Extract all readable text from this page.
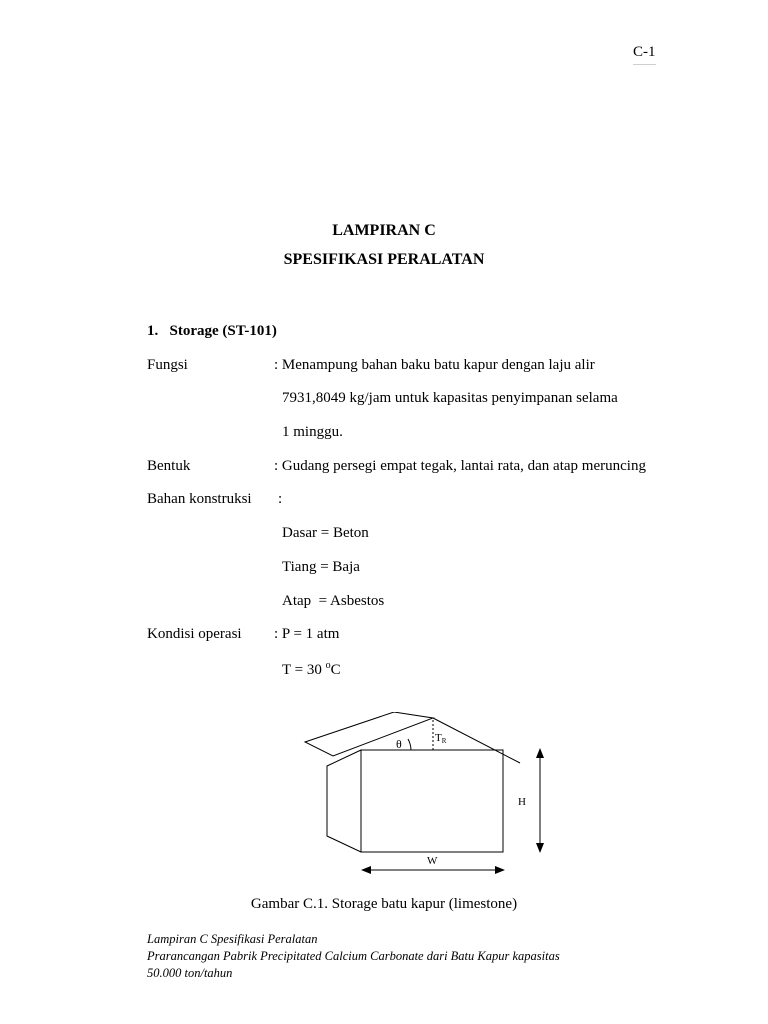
C-1
LAMPIRAN C
SPESIFIKASI PERALATAN
1. Storage (ST-101)
Fungsi	: Menampung bahan baku batu kapur dengan laju alir
7931,8049 kg/jam untuk kapasitas penyimpanan selama
1 minggu.
Bentuk	: Gudang persegi empat tegak, lantai rata, dan atap meruncing
Bahan konstruksi :
Dasar = Beton
Tiang = Baja
Atap  = Asbestos
Kondisi operasi : P = 1 atm
T = 30 $^o$C
θ	TR
H
W
Gambar C.1. Storage batu kapur (limestone)
Lampiran C Spesifikasi Peralatan
Prarancangan Pabrik Precipitated Calcium Carbonate dari Batu Kapur kapasitas
50.000 ton/tahun
